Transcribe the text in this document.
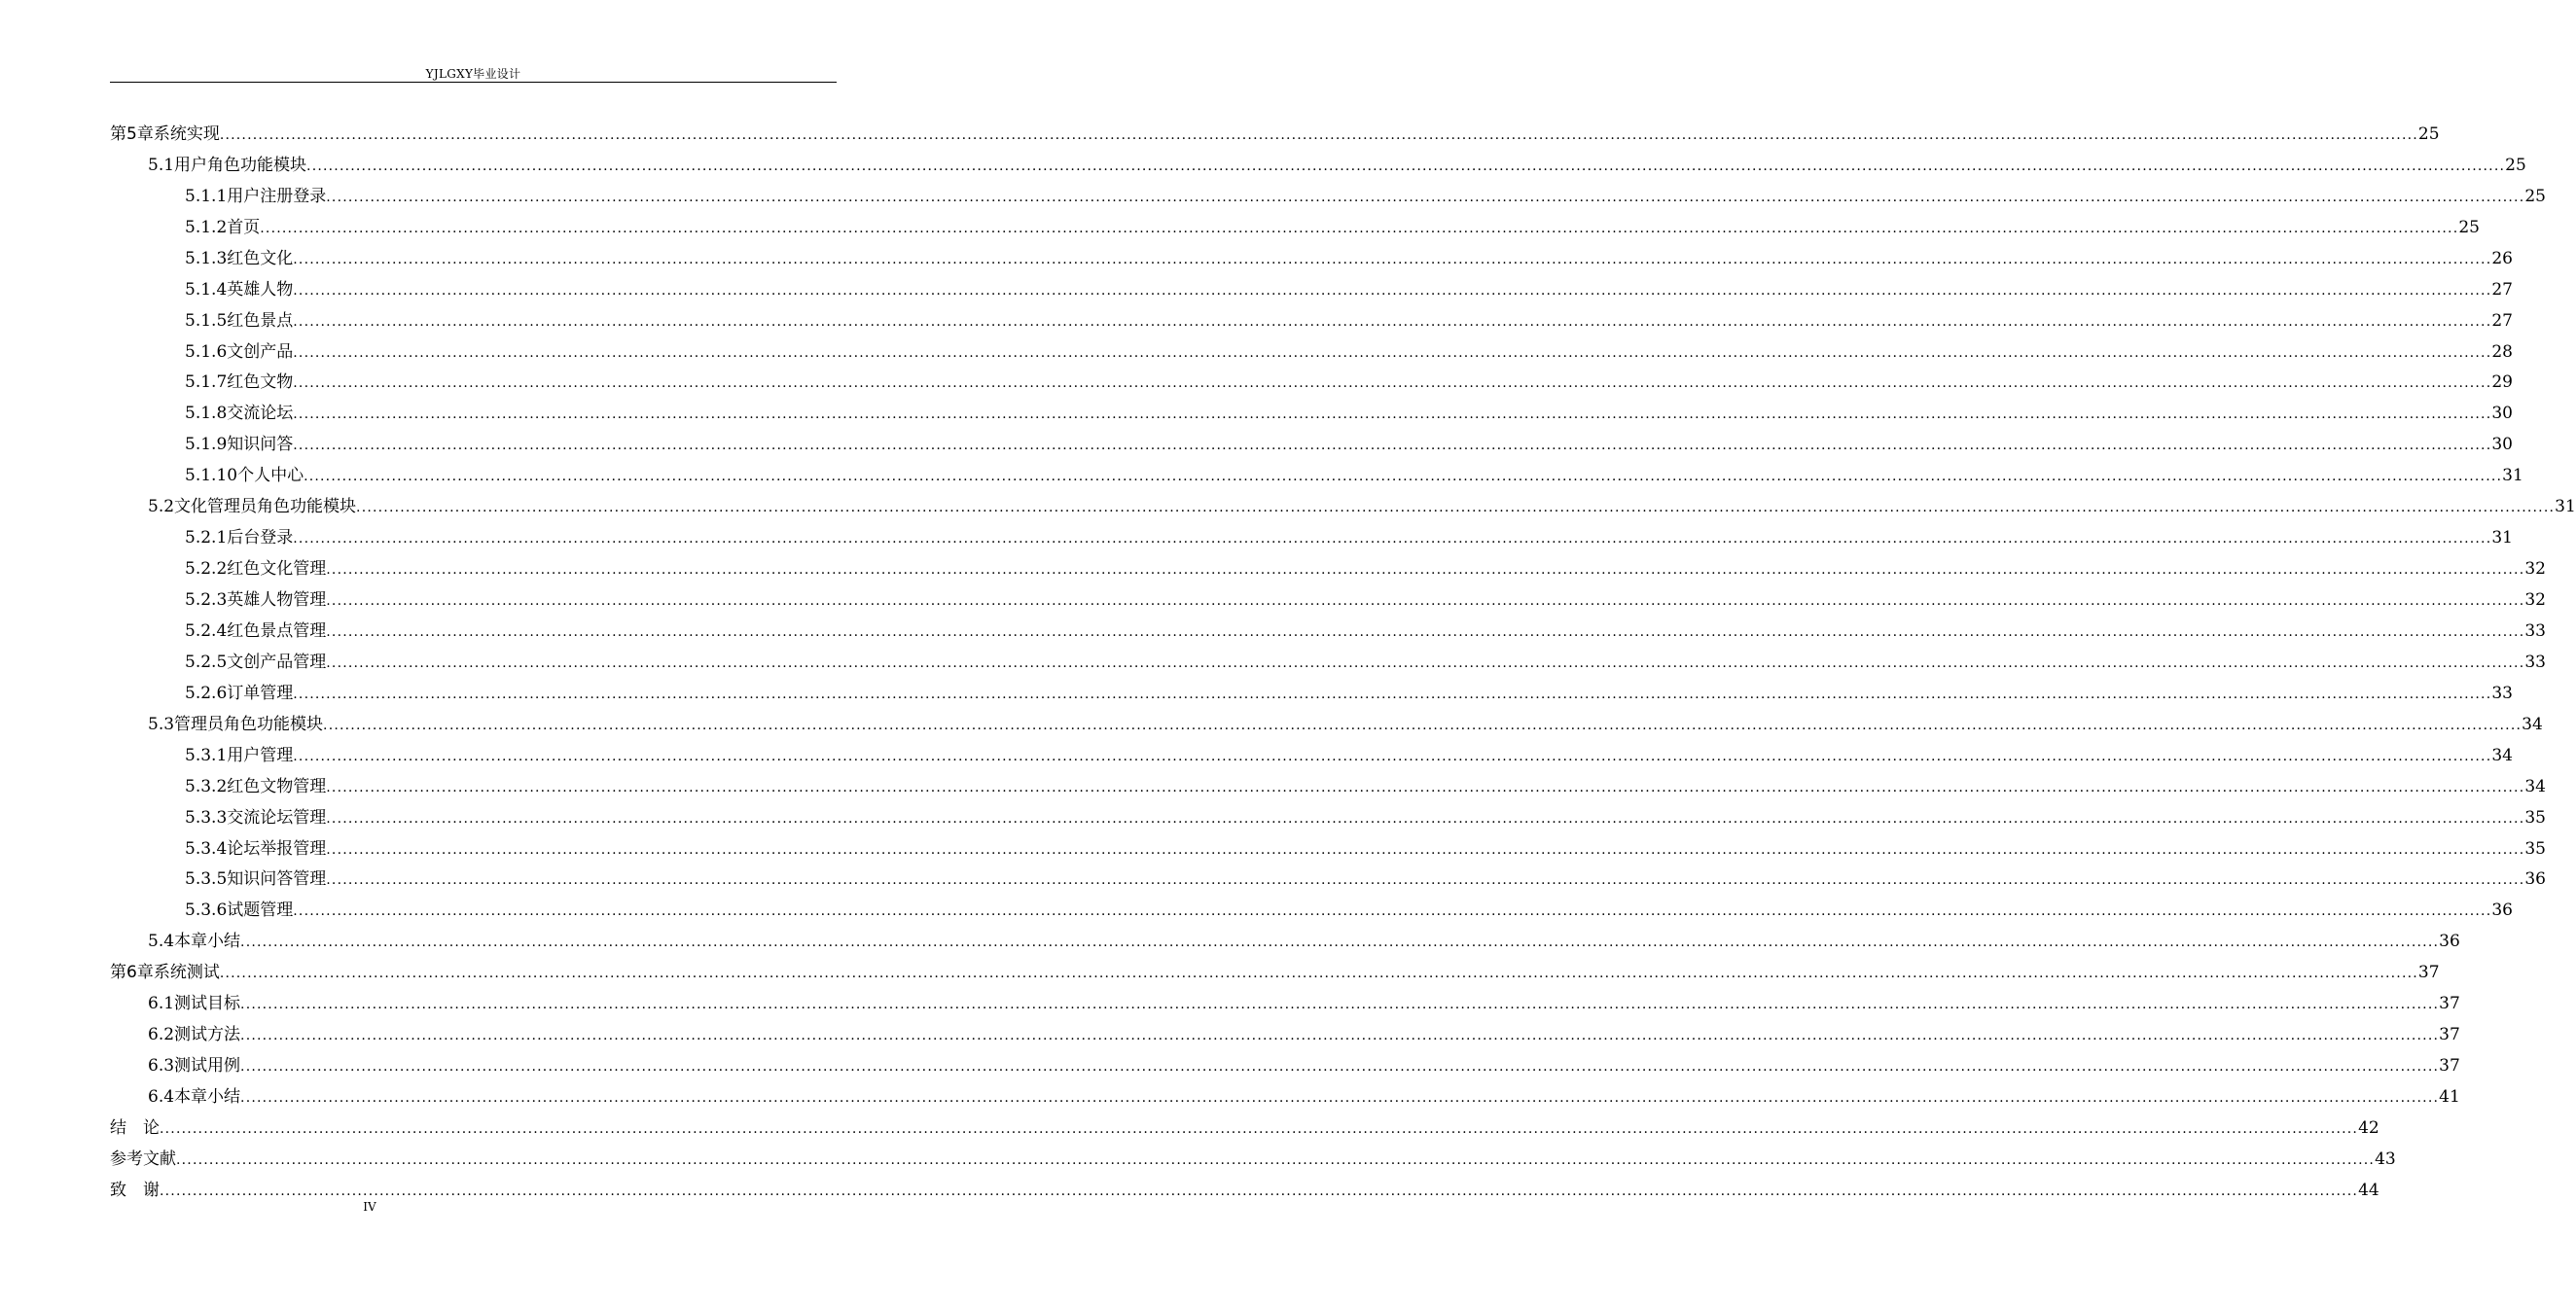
YJLGXY毕业设计
第5章 系统实现 ................................................................................................................................................................................................................................................................................................................................................................................................................ 25
5.1 用户角色功能模块 ................................................................................................................................................................................................................................................................................................................................................................................................................ 25
5.1.1 用户注册登录 ................................................................................................................................................................................................................................................................................................................................................................................................................ 25
5.1.2 首页 ................................................................................................................................................................................................................................................................................................................................................................................................................ 25
5.1.3 红色文化 ................................................................................................................................................................................................................................................................................................................................................................................................................ 26
5.1.4 英雄人物 ................................................................................................................................................................................................................................................................................................................................................................................................................ 27
5.1.5 红色景点 ................................................................................................................................................................................................................................................................................................................................................................................................................ 27
5.1.6 文创产品 ................................................................................................................................................................................................................................................................................................................................................................................................................ 28
5.1.7 红色文物 ................................................................................................................................................................................................................................................................................................................................................................................................................ 29
5.1.8 交流论坛 ................................................................................................................................................................................................................................................................................................................................................................................................................ 30
5.1.9 知识问答 ................................................................................................................................................................................................................................................................................................................................................................................................................ 30
5.1.10 个人中心 ................................................................................................................................................................................................................................................................................................................................................................................................................ 31
5.2 文化管理员角色功能模块 ................................................................................................................................................................................................................................................................................................................................................................................................................ 31
5.2.1 后台登录 ................................................................................................................................................................................................................................................................................................................................................................................................................ 31
5.2.2 红色文化管理 ................................................................................................................................................................................................................................................................................................................................................................................................................ 32
5.2.3 英雄人物管理 ................................................................................................................................................................................................................................................................................................................................................................................................................ 32
5.2.4 红色景点管理 ................................................................................................................................................................................................................................................................................................................................................................................................................ 33
5.2.5 文创产品管理 ................................................................................................................................................................................................................................................................................................................................................................................................................ 33
5.2.6 订单管理 ................................................................................................................................................................................................................................................................................................................................................................................................................ 33
5.3 管理员角色功能模块 ................................................................................................................................................................................................................................................................................................................................................................................................................ 34
5.3.1 用户管理 ................................................................................................................................................................................................................................................................................................................................................................................................................ 34
5.3.2 红色文物管理 ................................................................................................................................................................................................................................................................................................................................................................................................................ 34
5.3.3 交流论坛管理 ................................................................................................................................................................................................................................................................................................................................................................................................................ 35
5.3.4 论坛举报管理 ................................................................................................................................................................................................................................................................................................................................................................................................................ 35
5.3.5 知识问答管理 ................................................................................................................................................................................................................................................................................................................................................................................................................ 36
5.3.6 试题管理 ................................................................................................................................................................................................................................................................................................................................................................................................................ 36
5.4 本章小结 ................................................................................................................................................................................................................................................................................................................................................................................................................ 36
第6章 系统测试 ................................................................................................................................................................................................................................................................................................................................................................................................................ 37
6.1 测试目标 ................................................................................................................................................................................................................................................................................................................................................................................................................ 37
6.2 测试方法 ................................................................................................................................................................................................................................................................................................................................................................................................................ 37
6.3 测试用例 ................................................................................................................................................................................................................................................................................................................................................................................................................ 37
6.4 本章小结 ................................................................................................................................................................................................................................................................................................................................................................................................................ 41
结　论 ................................................................................................................................................................................................................................................................................................................................................................................................................ 42
参考文献 ................................................................................................................................................................................................................................................................................................................................................................................................................ 43
致　谢 ................................................................................................................................................................................................................................................................................................................................................................................................................ 44
IV
